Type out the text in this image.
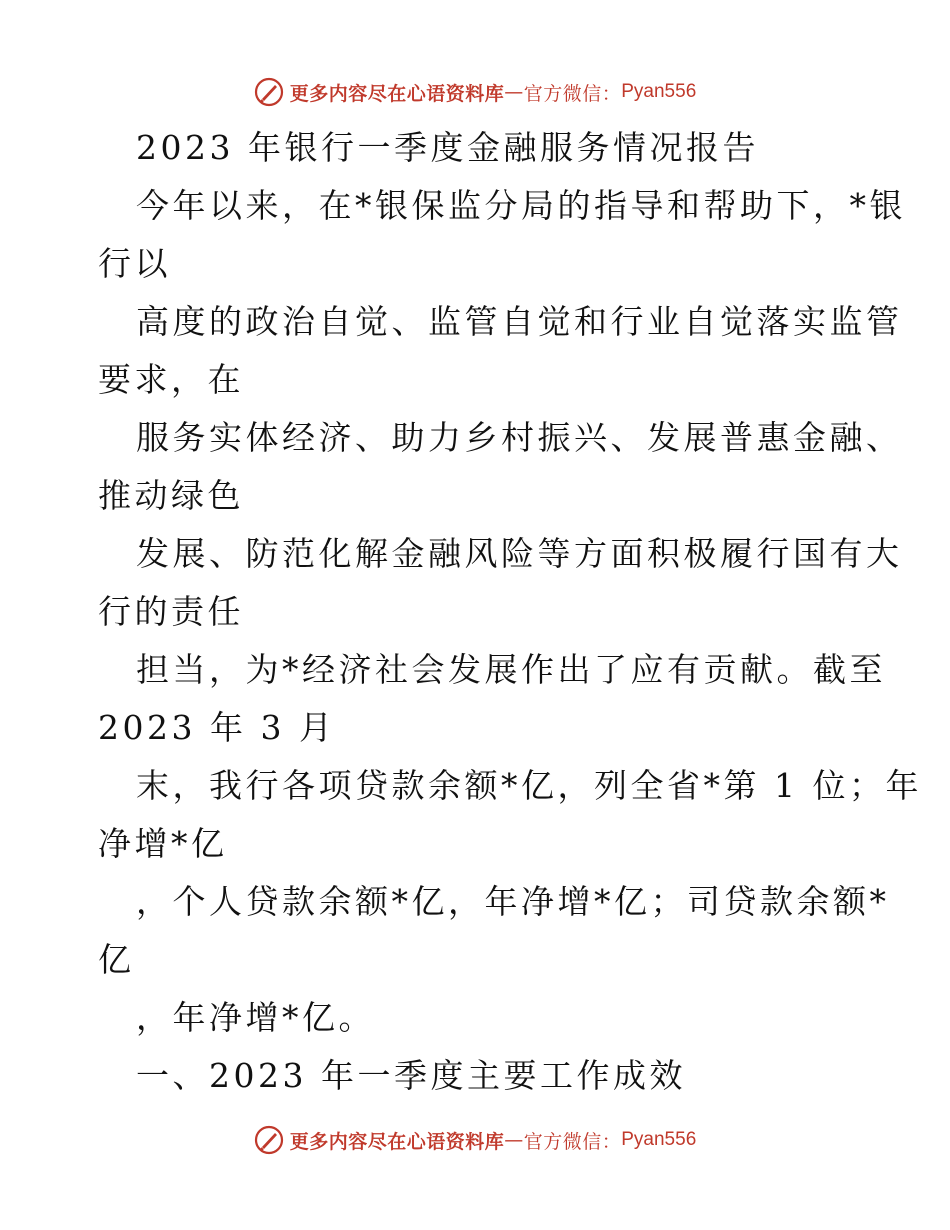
更多内容尽在心语资料库 — 官方微信： Pyan556
2023 年银行一季度金融服务情况报告
今年以来，在*银保监分局的指导和帮助下，*银
行以
高度的政治自觉、监管自觉和行业自觉落实监管
要求，在
服务实体经济、助力乡村振兴、发展普惠金融、
推动绿色
发展、防范化解金融风险等方面积极履行国有大
行的责任
担当，为*经济社会发展作出了应有贡献。截至
2023 年 3 月
末，我行各项贷款余额*亿，列全省*第 1 位；年
净增*亿
，个人贷款余额*亿，年净增*亿；司贷款余额*
亿
，年净增*亿。
一、2023 年一季度主要工作成效
更多内容尽在心语资料库 — 官方微信： Pyan556
